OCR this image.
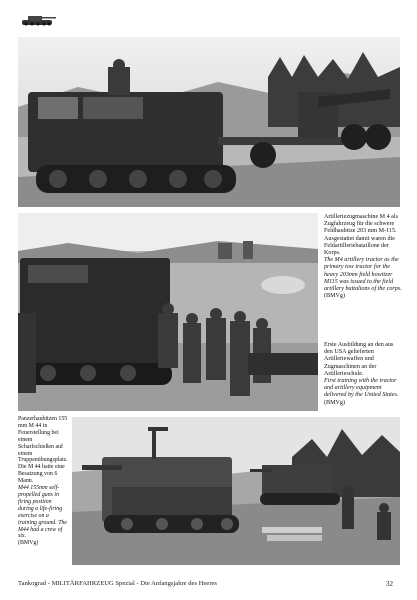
Artilleriezugmaschine M 4 als Zugfahrzeug für die schwere Feldhaubitze 203 mm M-115. Ausgestattet damit waren die Feldartilleriebataillone der Korps.
The M4 artillery tractor as the primary tow tractor for the heavy 203mm field howitzer M115 was issued to the field artillery battalions of the corps.
(BMVg)
Erste Ausbildung an den aus den USA gelieferten Artilleriewaffen und Zugmaschinen an der Artillerieschule.
First training with the tractor and artillery equipment delivered by the United States.
(BMVg)
Panzerhaubitzen 155 mm M 44 in Feuerstellung bei einem Scharfschießen auf einem Truppenübungsplatz. Die M 44 hatte eine Besatzung von 6 Mann.
M44 155mm self-propelled guns in firing position during a life-firing exercise on a training ground. The M44 had a crew of six.
(BMVg)
Tankograd - MILITÄRFAHRZEUG Spezial - Die Anfangsjahre des Heeres	32
